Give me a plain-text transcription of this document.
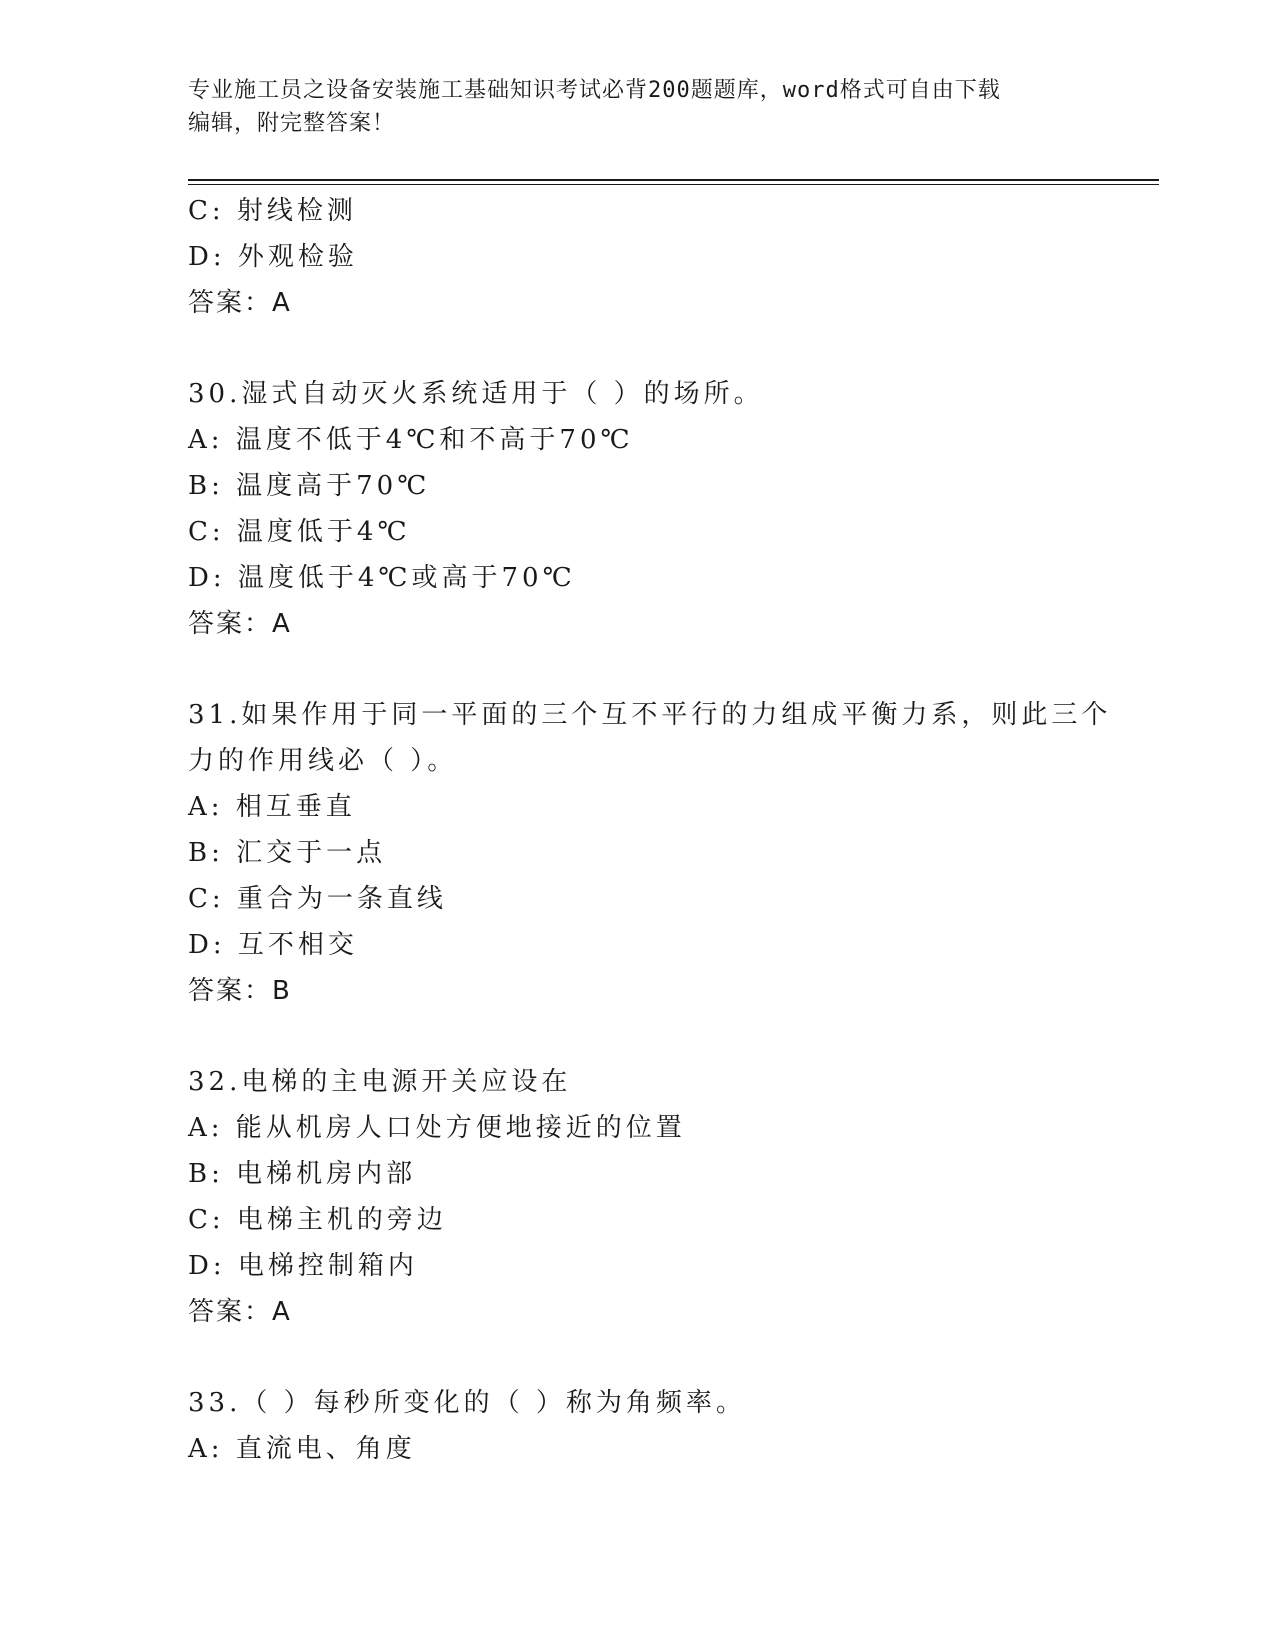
专业施工员之设备安装施工基础知识考试必背200题题库，word格式可自由下载
编辑，附完整答案！
C: 射线检测
D: 外观检验
答案：A
30.湿式自动灭火系统适用于（ ）的场所。
A: 温度不低于4℃和不高于70℃
B: 温度高于70℃
C: 温度低于4℃
D: 温度低于4℃或高于70℃
答案：A
31.如果作用于同一平面的三个互不平行的力组成平衡力系，则此三个
力的作用线必（ ）。
A: 相互垂直
B: 汇交于一点
C: 重合为一条直线
D: 互不相交
答案：B
32.电梯的主电源开关应设在
A: 能从机房人口处方便地接近的位置
B: 电梯机房内部
C: 电梯主机的旁边
D: 电梯控制箱内
答案：A
33.（ ）每秒所变化的（ ）称为角频率。
A: 直流电、角度
